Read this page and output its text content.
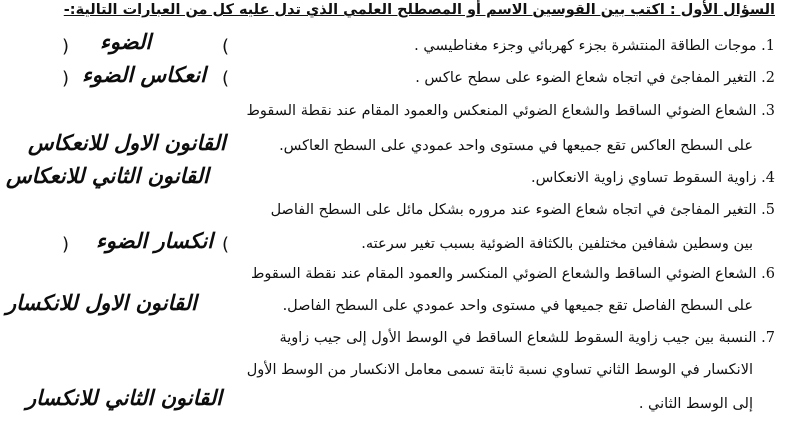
السؤال الأول : اكتب بين القوسين الاسم أو المصطلح العلمي الذي تدل عليه كل من العبارات التالية:-
1. موجات الطاقة المنتشرة بجزء كهربائي وجزء مغناطيسي .
(
الضوء
)
2. التغير المفاجئ في اتجاه شعاع الضوء على سطح عاكس .
(
انعكاس الضوء
)
3. الشعاع الضوئي الساقط والشعاع الضوئي المنعكس والعمود المقام عند نقطة السقوط
على السطح العاكس تقع جميعها في مستوى واحد عمودي على السطح العاكس.
القانون الاول للانعكاس
4. زاوية السقوط تساوي زاوية الانعكاس.
القانون الثاني للانعكاس
5. التغير المفاجئ في اتجاه شعاع الضوء عند مروره بشكل مائل على السطح الفاصل
بين وسطين شفافين مختلفين بالكثافة الضوئية بسبب تغير سرعته.
(
انكسار الضوء
)
6. الشعاع الضوئي الساقط والشعاع الضوئي المنكسر والعمود المقام عند نقطة السقوط
على السطح الفاصل تقع جميعها في مستوى واحد عمودي على السطح الفاصل.
القانون الاول للانكسار
7. النسبة بين جيب زاوية السقوط للشعاع الساقط في الوسط الأول إلى جيب زاوية
الانكسار في الوسط الثاني تساوي نسبة ثابتة تسمى معامل الانكسار من الوسط الأول
إلى الوسط الثاني .
القانون الثاني للانكسار
